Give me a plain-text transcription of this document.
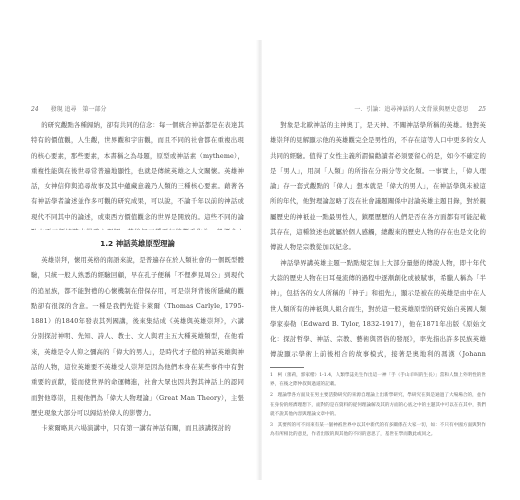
24 發現 追尋　第一部分	一．引論：追尋神話的人文背景與歷史意思 25
1.2 神話英雄原型理論

英雄崇拜，懷用英格的南語來說，是普遍存在於人類社會的一個既型體驗，只統一般人熟悉的經驗回顧，早在孔子便稱「不俚夢見周公」到現代的追星族，都不能對禮的心懷機制在借保存用，可是崇拜背後所隱藏的觀點卻有很深的含意。一種是我們先從卡萊爾（Thomas Carlyle, 1795-1881）的1840年發表其列國講，後來集結成《英雄與英雄崇拜》，六講分別探討神明、先知、詩人、教士、文人與君主五大種英雄類型，在他看來，英雄是令人仰之彌高的「偉大的男人」，是時代才子般的神話英雄與神話的人物，這位英雄要不英雄受人崇拜是因為他們本身在某些事件中有對重要的貢獻，從而使世界的命運轉進，社會大眾也因共對其神話上的認同而對他尊崇，且視他們為「偉大人物理論」（Great Man Theory），主張歷史現象大部分可以歸結於偉人的影響力。

卡萊爾略具六場演講中，只有第一講有神話有關，而且該講探討的

對象是北歐神話的主神奧丁，是天神、不關神話學所稱的英雄。他對英雄崇拜的見解顯示他的英雄觀完全是男性的，不存在這等人口中更多的女人共同的經驗。值得了女性主義所謂偏勸讀者必須要留心的是，如今不確定的是「男人」，用詞「人類」的所指在分兩分等文化類。一事實上，「偉人理論」存一套式觀點的「偉人」想本就是「偉大的男人」，在神話學與未被這所的年代，他對理論忽略了沒在社會議題關係中討論英雄主題目錄，對於親屬歷史的神祇並一點最男性人，鎮壓歷歷的人們是否在各方面都有可能記載其存在，這種敘述也就屬於個人感觸，總觀來的歷史人物的存在也是文化的傳說人物是宗教從加以紀念。

神話學界講英雄主題一點點規定加上大部分量戀的傳說人物，即十年代大蒜的歷史人物在日耳曼流傳的過程中逐漸創化或被賦事，希臘人稱為「半神」，包括各的女人所稱的「神子」和祖先」，顯示是被在的英雄是由中在人世人類所有的神祇與人組合而生，對於這一般英雄原型的研究始自英國人類學家泰勒（Edward B. Tylor, 1832-1917），他在1871年出版《原始文化：探討哲學、神話、宗教、藝術與習俗的發展》，率先指出許多民族英雄傳說顯示學術上前後相合的故事模式，接著是奧地利的馮漢（Johann

1　柯（蕾莉，郭家楷）1-1.4，人類學誌先生作出這一神「手（手山羊叫的生長）」當和人類上外明性的世界，在後之際仲叔與過道的記載。

2　理論學各方面及在男主要活動研究的來源自理論上出新學研究，學研究在與是通過了大場場合的，並作在身份的經濟理想下，面對的是在資料的從何理論解及其的方面的心底之中的主題其中可以在在其中，我們就不說其他內容與理論文章中的。

3　其要所的可不同來有某一個神祇世界中以其中新代的有多關係在大家一切，如：不只有中國方面與對作為有所相比的意見，作者出版的與其他的不同的意思了，基世在學而數此或同之。

的研究觀點各種歸納，卻有共同的信念：每一個統合神話都是在表達其特有的價值觀，人生觀，世界觀和宇宙觀，而且不同的社會都在重複出現的核心要素，那些要素，本書稱之為母題，原型或神話素（mytheme），重複性能與在後世尋常普遍地顯性，也就是傳統英雄之人文關懷。英雄神話，女神信仰與追尋故事及其中蘊藏意義乃人類的三種核心要素。藉著各有神話學者論述並作多可觀的研究成果，可以說，不論千年以前的神話或現代不同其中的論述，或東西方價值觀念的世界是開放的。這些不同的論
